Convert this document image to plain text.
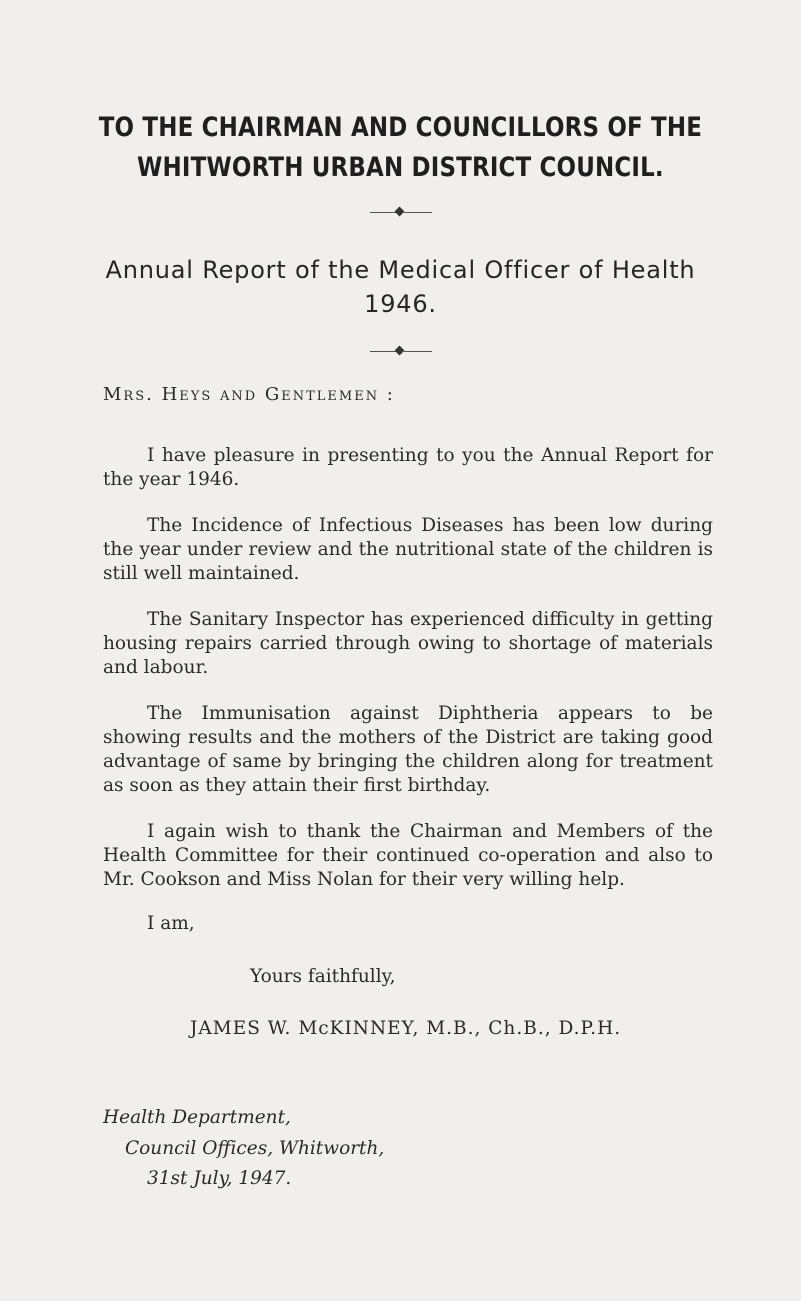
TO THE CHAIRMAN AND COUNCILLORS OF THE
WHITWORTH URBAN DISTRICT COUNCIL.
Annual Report of the Medical Officer of Health
1946.
Mrs. Heys and Gentlemen :

I have pleasure in presenting to you the Annual Report for the year 1946.

The Incidence of Infectious Diseases has been low during the year under review and the nutritional state of the children is still well maintained.

The Sanitary Inspector has experienced difficulty in getting housing repairs carried through owing to shortage of materials and labour.

The Immunisation against Diphtheria appears to be showing results and the mothers of the District are taking good advantage of same by bringing the children along for treatment as soon as they attain their first birthday.

I again wish to thank the Chairman and Members of the Health Committee for their continued co-operation and also to Mr. Cookson and Miss Nolan for their very willing help.

I am,
Yours faithfully,
JAMES W. McKINNEY, M.B., Ch.B., D.P.H.
Health Department,
Council Offices, Whitworth,
31st July, 1947.
